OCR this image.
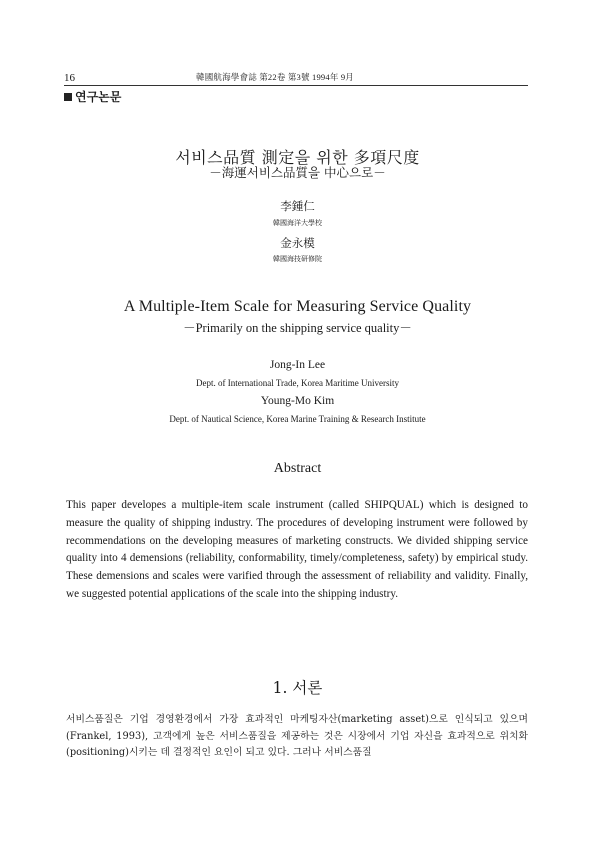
16	韓國航海學會誌 第22卷 第3號 1994年 9月
연구논문
서비스品質 測定을 위한 多項尺度
－海運서비스品質을 中心으로－
李鍾仁
韓國海洋大學校
金永模
韓國海技研修院
A Multiple-Item Scale for Measuring Service Quality
－Primarily on the shipping service quality－
Jong-In Lee
Dept. of International Trade, Korea Maritime University
Young-Mo Kim
Dept. of Nautical Science, Korea Marine Training & Research Institute
Abstract
This paper developes a multiple-item scale instrument (called SHIPQUAL) which is designed to measure the quality of shipping industry. The procedures of developing instrument were followed by recommendations on the developing measures of marketing constructs. We divided shipping service quality into 4 demensions (reliability, conformability, timely/completeness, safety) by empirical study. These demensions and scales were varified through the assessment of reliability and validity. Finally, we suggested potential applications of the scale into the shipping industry.
1. 서론
서비스품질은 기업 경영환경에서 가장 효과적인 마케팅자산(marketing asset)으로 인식되고 있으며(Frankel, 1993), 고객에게 높은 서비스품질을 제공하는 것은 시장에서 기업 자신을 효과적으로 위치화(positioning)시키는 데 결정적인 요인이 되고 있다. 그러나 서비스품질
